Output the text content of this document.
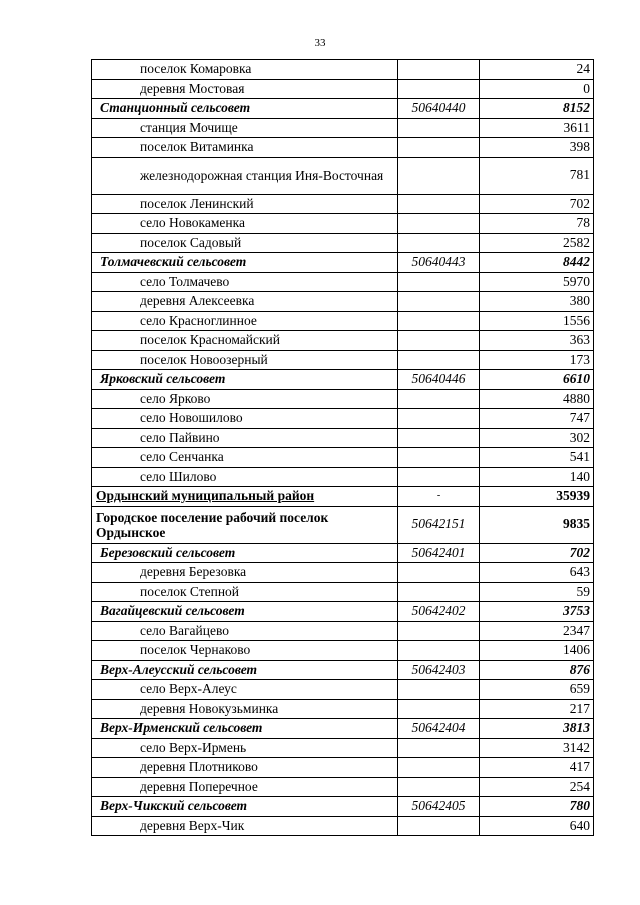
33
поселок Комаровка		24
деревня Мостовая		0
Станционный сельсовет	50640440	8152
станция Мочище		3611
поселок Витаминка		398
железнодорожная станция Иня-Восточная		781
поселок Ленинский		702
село Новокаменка		78
поселок Садовый		2582
Толмачевский сельсовет	50640443	8442
село Толмачево		5970
деревня Алексеевка		380
село Красноглинное		1556
поселок Красномайский		363
поселок Новоозерный		173
Ярковский сельсовет	50640446	6610
село Ярково		4880
село Новошилово		747
село Пайвино		302
село Сенчанка		541
село Шилово		140
Ордынский муниципальный район	-	35939
Городское поселение рабочий поселок Ордынское	50642151	9835
Березовский сельсовет	50642401	702
деревня Березовка		643
поселок Степной		59
Вагайцевский сельсовет	50642402	3753
село Вагайцево		2347
поселок Чернаково		1406
Верх-Алеусский сельсовет	50642403	876
село Верх-Алеус		659
деревня Новокузьминка		217
Верх-Ирменский сельсовет	50642404	3813
село Верх-Ирмень		3142
деревня Плотниково		417
деревня Поперечное		254
Верх-Чикский сельсовет	50642405	780
деревня Верх-Чик		640
